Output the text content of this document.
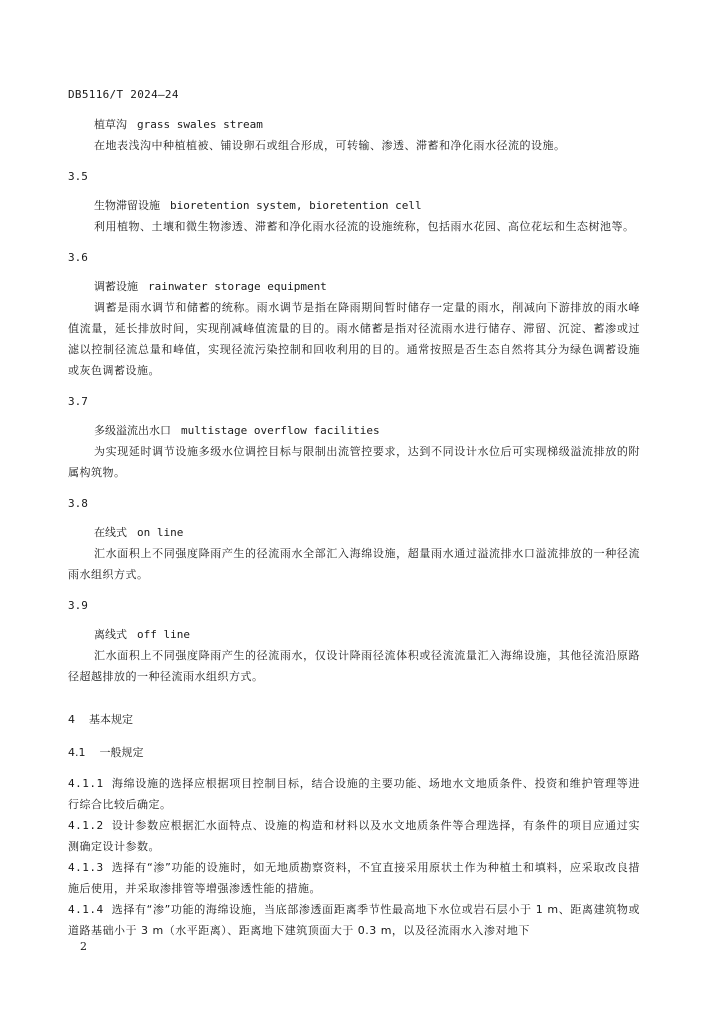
DB5116/T 2024—24

植草沟 grass swales stream

在地表浅沟中种植植被、铺设卵石或组合形成，可转输、渗透、滞蓄和净化雨水径流的设施。

3.5

生物滞留设施 bioretention system, bioretention cell

利用植物、土壤和微生物渗透、滞蓄和净化雨水径流的设施统称，包括雨水花园、高位花坛和生态树池等。

3.6

调蓄设施 rainwater storage equipment

调蓄是雨水调节和储蓄的统称。雨水调节是指在降雨期间暂时储存一定量的雨水，削减向下游排放的雨水峰值流量，延长排放时间，实现削减峰值流量的目的。雨水储蓄是指对径流雨水进行储存、滞留、沉淀、蓄渗或过滤以控制径流总量和峰值，实现径流污染控制和回收利用的目的。通常按照是否生态自然将其分为绿色调蓄设施或灰色调蓄设施。

3.7

多级溢流出水口 multistage overflow facilities

为实现延时调节设施多级水位调控目标与限制出流管控要求，达到不同设计水位后可实现梯级溢流排放的附属构筑物。

3.8

在线式 on line

汇水面积上不同强度降雨产生的径流雨水全部汇入海绵设施，超量雨水通过溢流排水口溢流排放的一种径流雨水组织方式。

3.9

离线式 off line

汇水面积上不同强度降雨产生的径流雨水，仅设计降雨径流体积或径流流量汇入海绵设施，其他径流沿原路径超越排放的一种径流雨水组织方式。

4 基本规定
4.1 一般规定

4.1.1 海绵设施的选择应根据项目控制目标，结合设施的主要功能、场地水文地质条件、投资和维护管理等进行综合比较后确定。

4.1.2 设计参数应根据汇水面特点、设施的构造和材料以及水文地质条件等合理选择，有条件的项目应通过实测确定设计参数。

4.1.3 选择有“渗”功能的设施时，如无地质勘察资料，不宜直接采用原状土作为种植土和填料，应采取改良措施后使用，并采取渗排管等增强渗透性能的措施。

4.1.4 选择有“渗”功能的海绵设施，当底部渗透面距离季节性最高地下水位或岩石层小于 1 m、距离建筑物或道路基础小于 3 m（水平距离）、距离地下建筑顶面大于 0.3 m，以及径流雨水入渗对地下

2
